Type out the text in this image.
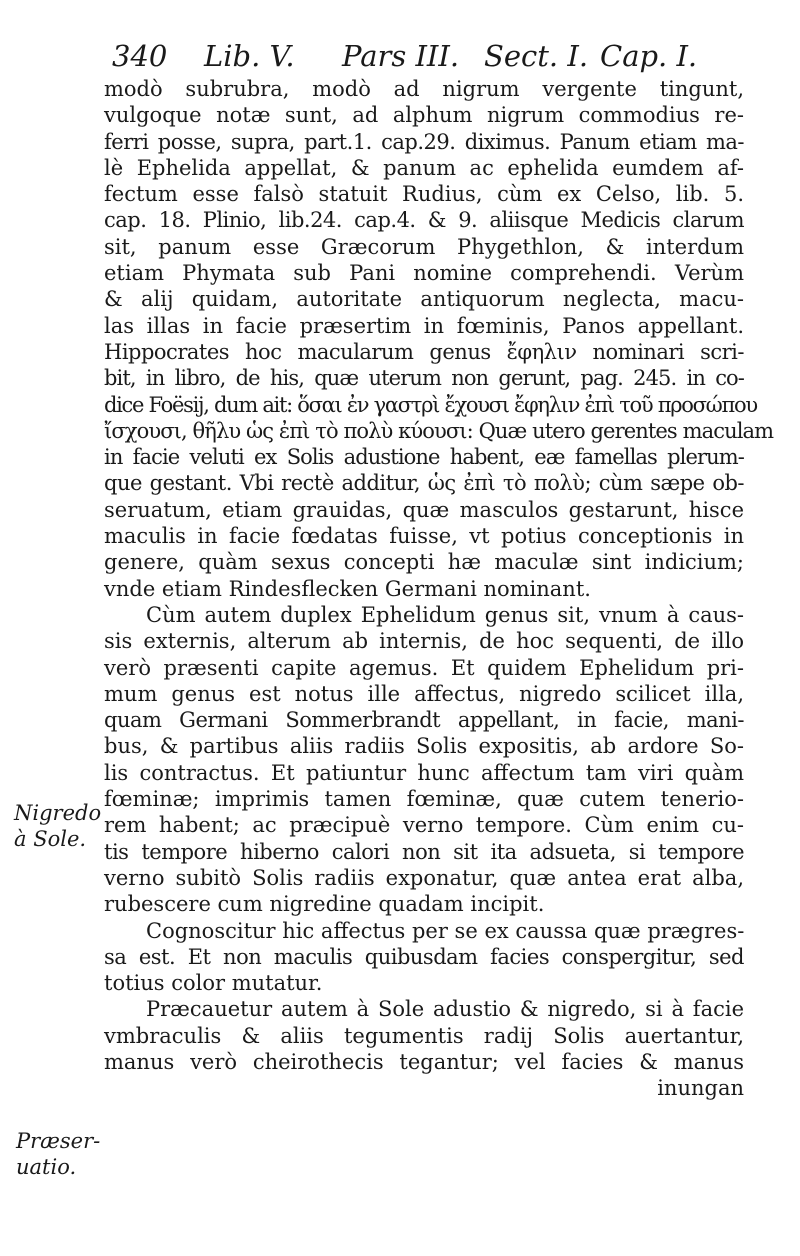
340 Lib. V. Pars III. Sect. I. Cap. I.
modò subrubra, modò ad nigrum vergente tingunt,
vulgoque notæ sunt, ad alphum nigrum commodius re-
ferri posse, supra, part.1. cap.29. diximus. Panum etiam ma-
lè Ephelida appellat, & panum ac ephelida eumdem af-
fectum esse falsò statuit Rudius, cùm ex Celso, lib. 5.
cap. 18. Plinio, lib.24. cap.4. & 9. aliisque Medicis clarum
sit, panum esse Græcorum Phygethlon, & interdum
etiam Phymata sub Pani nomine comprehendi. Verùm
& alij quidam, autoritate antiquorum neglecta, macu-
las illas in facie præsertim in fœminis, Panos appellant.
Hippocrates hoc macularum genus ἔφηλιν nominari scri-
bit, in libro, de his, quæ uterum non gerunt, pag. 245. in co-
dice Foësij, dum ait: ὅσαι ἐν γαστρὶ ἔχουσι ἔφηλιν ἐπὶ τοῦ προσώπου
ἴσχουσι, θῆλυ ὡς ἐπὶ τὸ πολὺ κύουσι: Quæ utero gerentes maculam
in facie veluti ex Solis adustione habent, eæ famellas plerum-
que gestant. Vbi rectè additur, ὡς ἐπὶ τὸ πολὺ; cùm sæpe ob-
seruatum, etiam grauidas, quæ masculos gestarunt, hisce
maculis in facie fœdatas fuisse, vt potius conceptionis in
genere, quàm sexus concepti hæ maculæ sint indicium;
vnde etiam Rindesflecken Germani nominant.
Cùm autem duplex Ephelidum genus sit, vnum à caus-
sis externis, alterum ab internis, de hoc sequenti, de illo
verò præsenti capite agemus. Et quidem Ephelidum pri-
mum genus est notus ille affectus, nigredo scilicet illa,
quam Germani Sommerbrandt appellant, in facie, mani-
bus, & partibus aliis radiis Solis expositis, ab ardore So-
lis contractus. Et patiuntur hunc affectum tam viri quàm
fœminæ; imprimis tamen fœminæ, quæ cutem tenerio-
rem habent; ac præcipuè verno tempore. Cùm enim cu-
tis tempore hiberno calori non sit ita adsueta, si tempore
verno subitò Solis radiis exponatur, quæ antea erat alba,
rubescere cum nigredine quadam incipit.
Cognoscitur hic affectus per se ex caussa quæ prægres-
sa est. Et non maculis quibusdam facies conspergitur, sed
totius color mutatur.
Præcauetur autem à Sole adustio & nigredo, si à facie
vmbraculis & aliis tegumentis radij Solis auertantur,
manus verò cheirothecis tegantur; vel facies & manus
inungan
Nigredo
à Sole.
Præser-
uatio.
